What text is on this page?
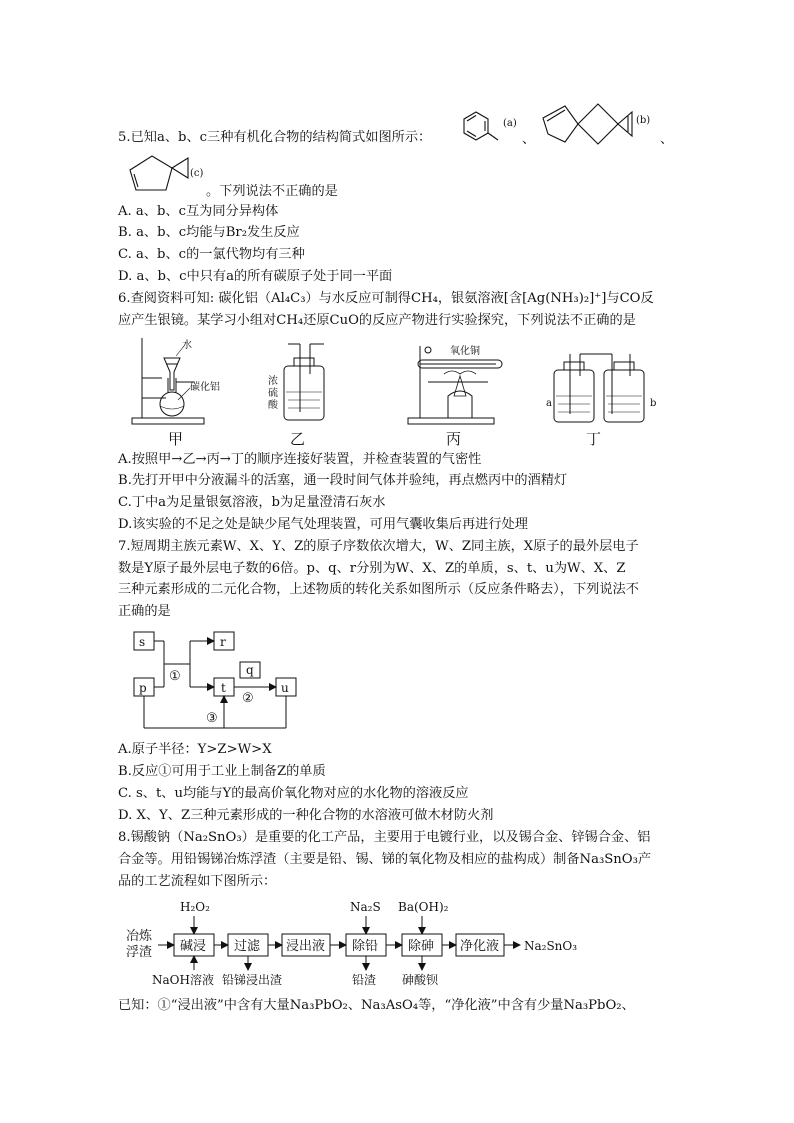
5.已知a、b、c三种有机化合物的结构简式如图所示：
(a)
、
(b)
、
(c)
。下列说法不正确的是
A. a、b、c互为同分异构体
B. a、b、c均能与Br₂发生反应
C. a、b、c的一氯代物均有三种
D. a、b、c中只有a的所有碳原子处于同一平面
6.查阅资料可知: 碳化铝（Al₄C₃）与水反应可制得CH₄，银氨溶液[含[Ag(NH₃)₂]⁺]与CO反
应产生银镜。某学习小组对CH₄还原CuO的反应产物进行实验探究，下列说法不正确的是
水
碳化铝
浓
硫
酸
氧化铜
a	b
甲	乙	丙	丁
A.按照甲→乙→丙→丁的顺序连接好装置，并检查装置的气密性
B.先打开甲中分液漏斗的活塞，通一段时间气体并验纯，再点燃丙中的酒精灯
C.丁中a为足量银氨溶液，b为足量澄清石灰水
D.该实验的不足之处是缺少尾气处理装置，可用气囊收集后再进行处理
7.短周期主族元素W、X、Y、Z的原子序数依次增大，W、Z同主族，X原子的最外层电子
数是Y原子最外层电子数的6倍。p、q、r分别为W、X、Z的单质，s、t、u为W、X、Z
三种元素形成的二元化合物，上述物质的转化关系如图所示（反应条件略去），下列说法不
正确的是
s	r
p	t
q
u
①
②
③
A.原子半径：Y>Z>W>X
B.反应①可用于工业上制备Z的单质
C. s、t、u均能与Y的最高价氧化物对应的水化物的溶液反应
D. X、Y、Z三种元素形成的一种化合物的水溶液可做木材防火剂
8.锡酸钠（Na₂SnO₃）是重要的化工产品，主要用于电镀行业，以及锡合金、锌锡合金、铝
合金等。用铅锡锑冶炼浮渣（主要是铅、锡、锑的氧化物及相应的盐构成）制备Na₃SnO₃产
品的工艺流程如下图所示：
冶炼
浮渣
H₂O₂	Na₂S Ba(OH)₂
碱浸 过滤 浸出液 除铅 除砷 净化液 Na₂SnO₃
NaOH溶液 铅锑浸出渣	铅渣 砷酸钡
已知：①“浸出液”中含有大量Na₃PbO₂、Na₃AsO₄等，“净化液”中含有少量Na₃PbO₂、
